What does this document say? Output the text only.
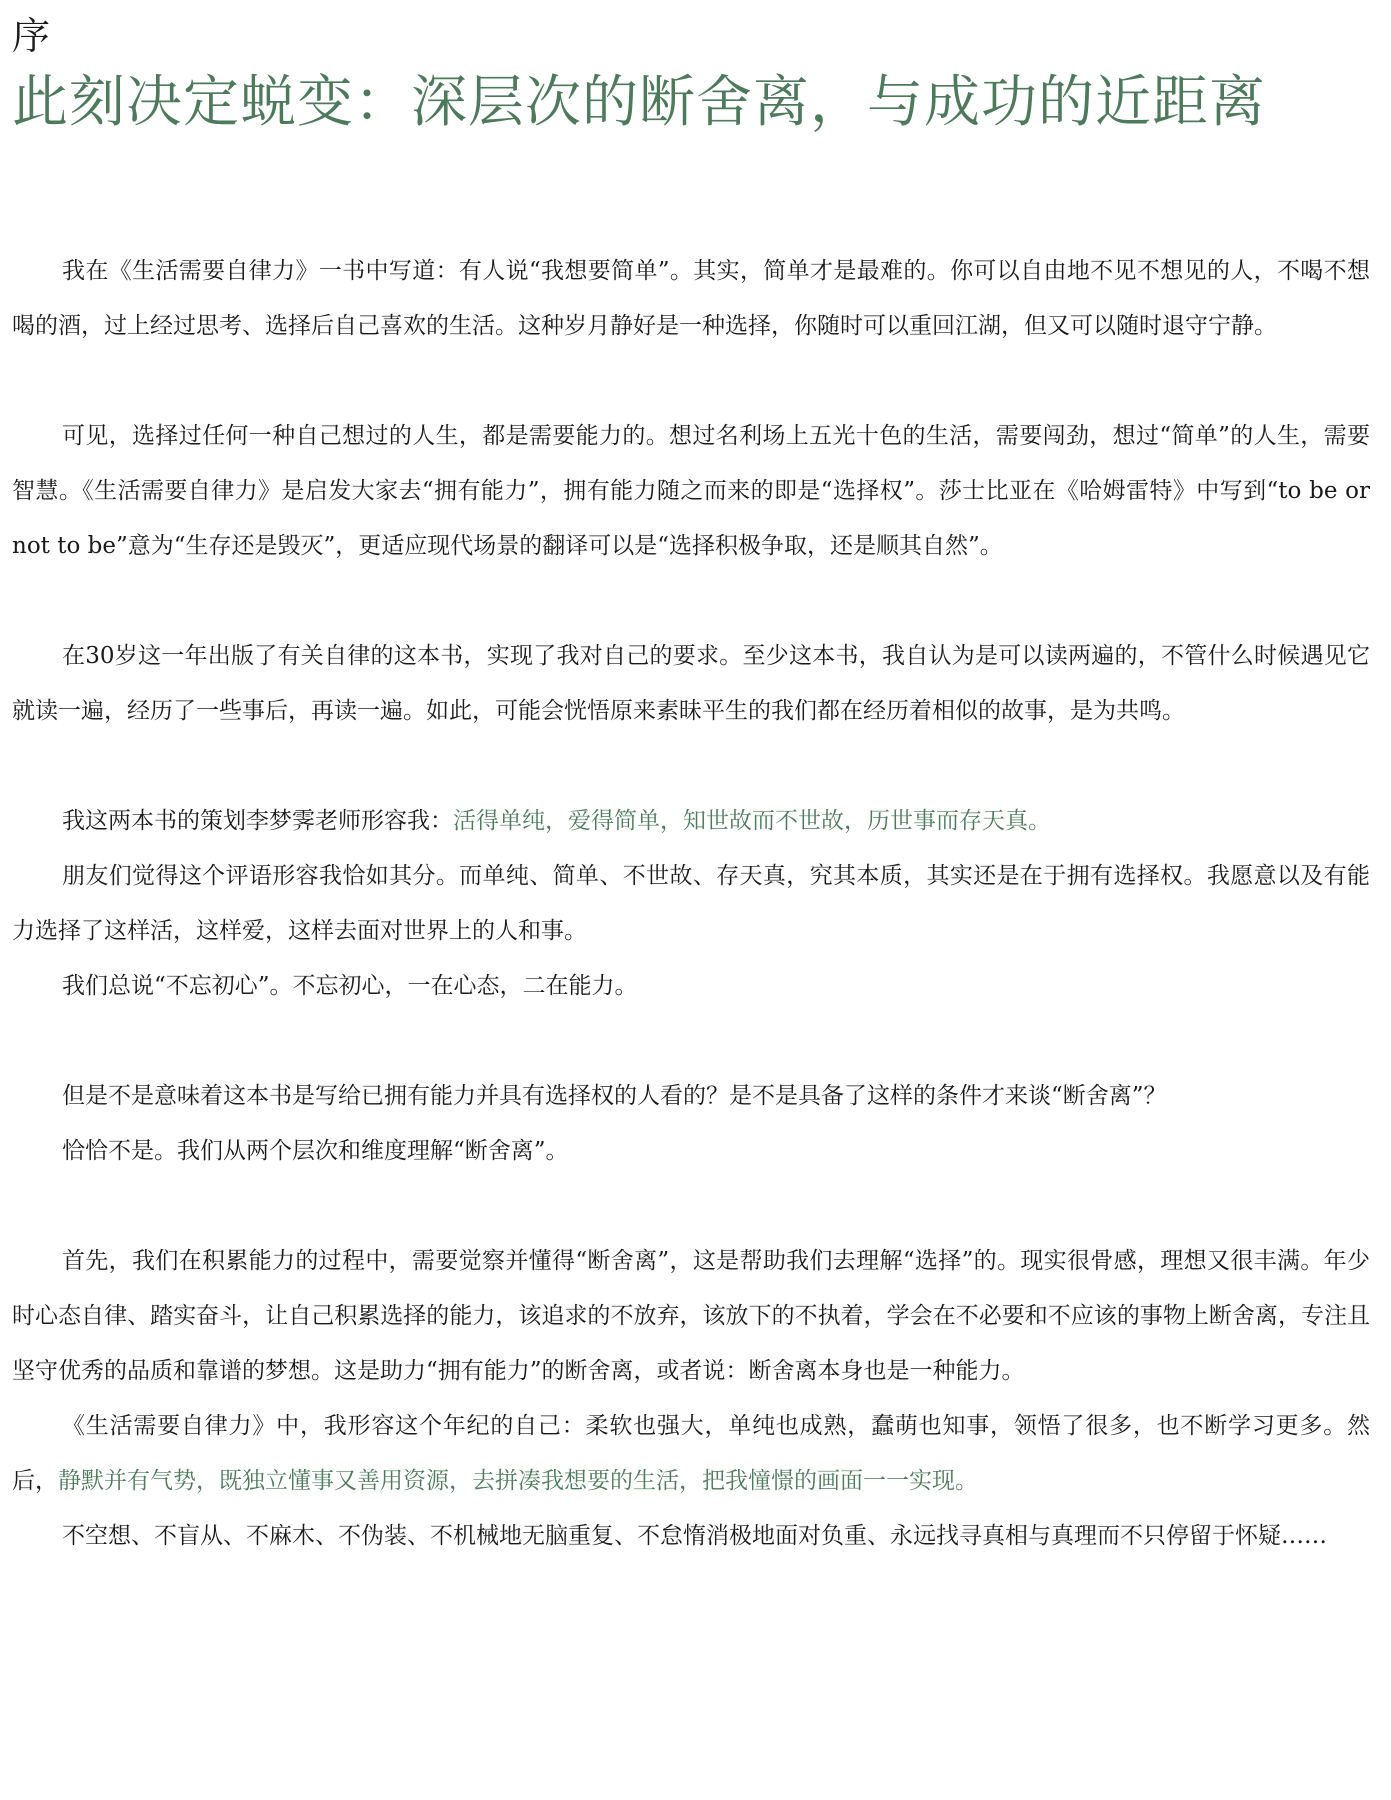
序
此刻决定蜕变：深层次的断舍离，与成功的近距离

我在《生活需要自律力》一书中写道：有人说“我想要简单”。其实，简单才是最难的。你可以自由地不见不想见的人，不喝不想喝的酒，过上经过思考、选择后自己喜欢的生活。这种岁月静好是一种选择，你随时可以重回江湖，但又可以随时退守宁静。

可见，选择过任何一种自己想过的人生，都是需要能力的。想过名利场上五光十色的生活，需要闯劲，想过“简单”的人生，需要智慧。《生活需要自律力》是启发大家去“拥有能力”，拥有能力随之而来的即是“选择权”。莎士比亚在《哈姆雷特》中写到“to be or not to be”意为“生存还是毁灭”，更适应现代场景的翻译可以是“选择积极争取，还是顺其自然”。

在30岁这一年出版了有关自律的这本书，实现了我对自己的要求。至少这本书，我自认为是可以读两遍的，不管什么时候遇见它就读一遍，经历了一些事后，再读一遍。如此，可能会恍悟原来素昧平生的我们都在经历着相似的故事，是为共鸣。

我这两本书的策划李梦霁老师形容我：活得单纯，爱得简单，知世故而不世故，历世事而存天真。

朋友们觉得这个评语形容我恰如其分。而单纯、简单、不世故、存天真，究其本质，其实还是在于拥有选择权。我愿意以及有能力选择了这样活，这样爱，这样去面对世界上的人和事。

我们总说“不忘初心”。不忘初心，一在心态，二在能力。

但是不是意味着这本书是写给已拥有能力并具有选择权的人看的？是不是具备了这样的条件才来谈“断舍离”？

恰恰不是。我们从两个层次和维度理解“断舍离”。

首先，我们在积累能力的过程中，需要觉察并懂得“断舍离”，这是帮助我们去理解“选择”的。现实很骨感，理想又很丰满。年少时心态自律、踏实奋斗，让自己积累选择的能力，该追求的不放弃，该放下的不执着，学会在不必要和不应该的事物上断舍离，专注且坚守优秀的品质和靠谱的梦想。这是助力“拥有能力”的断舍离，或者说：断舍离本身也是一种能力。

《生活需要自律力》中，我形容这个年纪的自己：柔软也强大，单纯也成熟，蠢萌也知事，领悟了很多，也不断学习更多。然后，静默并有气势，既独立懂事又善用资源，去拼凑我想要的生活，把我憧憬的画面一一实现。

不空想、不盲从、不麻木、不伪装、不机械地无脑重复、不怠惰消极地面对负重、永远找寻真相与真理而不只停留于怀疑……
